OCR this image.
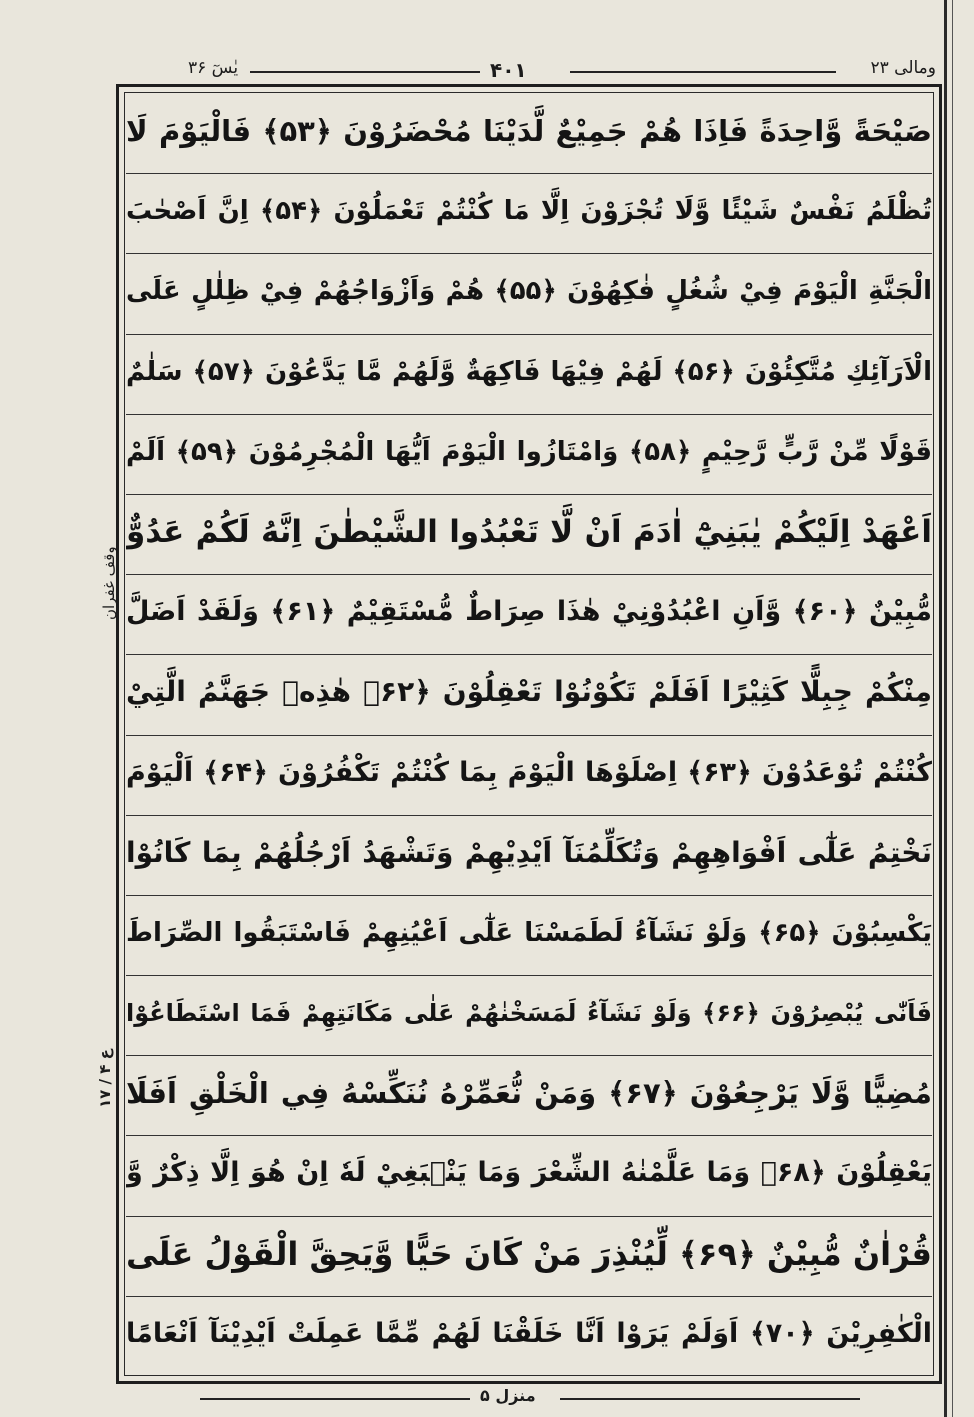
ومالی ۲۳
۴۰۱
یٰسٓ ۳۶
صَيْحَةً وَّاحِدَةً فَاِذَا هُمْ جَمِيْعٌ لَّدَيْنَا مُحْضَرُوْنَ ﴿۵۳﴾ فَالْيَوْمَ لَا
تُظْلَمُ نَفْسٌ شَيْئًا وَّلَا تُجْزَوْنَ اِلَّا مَا كُنْتُمْ تَعْمَلُوْنَ ﴿۵۴﴾ اِنَّ اَصْحٰبَ
الْجَنَّةِ الْيَوْمَ فِيْ شُغُلٍ فٰكِهُوْنَ ﴿۵۵﴾ هُمْ وَاَزْوَاجُهُمْ فِيْ ظِلٰلٍ عَلَى
الْاَرَآئِكِ مُتَّكِئُوْنَ ﴿۵۶﴾ لَهُمْ فِيْهَا فَاكِهَةٌ وَّلَهُمْ مَّا يَدَّعُوْنَ ﴿۵۷﴾ سَلٰمٌ
قَوْلًا مِّنْ رَّبٍّ رَّحِيْمٍ ﴿۵۸﴾ وَامْتَازُوا الْيَوْمَ اَيُّهَا الْمُجْرِمُوْنَ ﴿۵۹﴾ اَلَمْ
اَعْهَدْ اِلَيْكُمْ يٰبَنِيْٓ اٰدَمَ اَنْ لَّا تَعْبُدُوا الشَّيْطٰنَ اِنَّهُ لَكُمْ عَدُوٌّ
مُّبِيْنٌ ﴿۶۰﴾ وَّاَنِ اعْبُدُوْنِيْ هٰذَا صِرَاطٌ مُّسْتَقِيْمٌ ﴿۶۱﴾ وَلَقَدْ اَضَلَّ
مِنْكُمْ جِبِلًّا كَثِيْرًا اَفَلَمْ تَكُوْنُوْا تَعْقِلُوْنَ ﴿۶۲﴾ هٰذِهٖ جَهَنَّمُ الَّتِيْ
كُنْتُمْ تُوْعَدُوْنَ ﴿۶۳﴾ اِصْلَوْهَا الْيَوْمَ بِمَا كُنْتُمْ تَكْفُرُوْنَ ﴿۶۴﴾ اَلْيَوْمَ
نَخْتِمُ عَلٰٓى اَفْوَاهِهِمْ وَتُكَلِّمُنَآ اَيْدِيْهِمْ وَتَشْهَدُ اَرْجُلُهُمْ بِمَا كَانُوْا
يَكْسِبُوْنَ ﴿۶۵﴾ وَلَوْ نَشَآءُ لَطَمَسْنَا عَلٰٓى اَعْيُنِهِمْ فَاسْتَبَقُوا الصِّرَاطَ
فَاَنّٰى يُبْصِرُوْنَ ﴿۶۶﴾ وَلَوْ نَشَآءُ لَمَسَخْنٰهُمْ عَلٰى مَكَانَتِهِمْ فَمَا اسْتَطَاعُوْا
مُضِيًّا وَّلَا يَرْجِعُوْنَ ﴿۶۷﴾ وَمَنْ نُّعَمِّرْهُ نُنَكِّسْهُ فِي الْخَلْقِ اَفَلَا
يَعْقِلُوْنَ ﴿۶۸﴾ وَمَا عَلَّمْنٰهُ الشِّعْرَ وَمَا يَنْۢبَغِيْ لَهٗ اِنْ هُوَ اِلَّا ذِكْرٌ وَّ
قُرْاٰنٌ مُّبِيْنٌ ﴿۶۹﴾ لِّيُنْذِرَ مَنْ كَانَ حَيًّا وَّيَحِقَّ الْقَوْلُ عَلَى
الْكٰفِرِيْنَ ﴿۷۰﴾ اَوَلَمْ يَرَوْا اَنَّا خَلَقْنَا لَهُمْ مِّمَّا عَمِلَتْ اَيْدِيْنَآ اَنْعَامًا
وقف غفران
ع ۴ / ۱۷
منزل ۵
